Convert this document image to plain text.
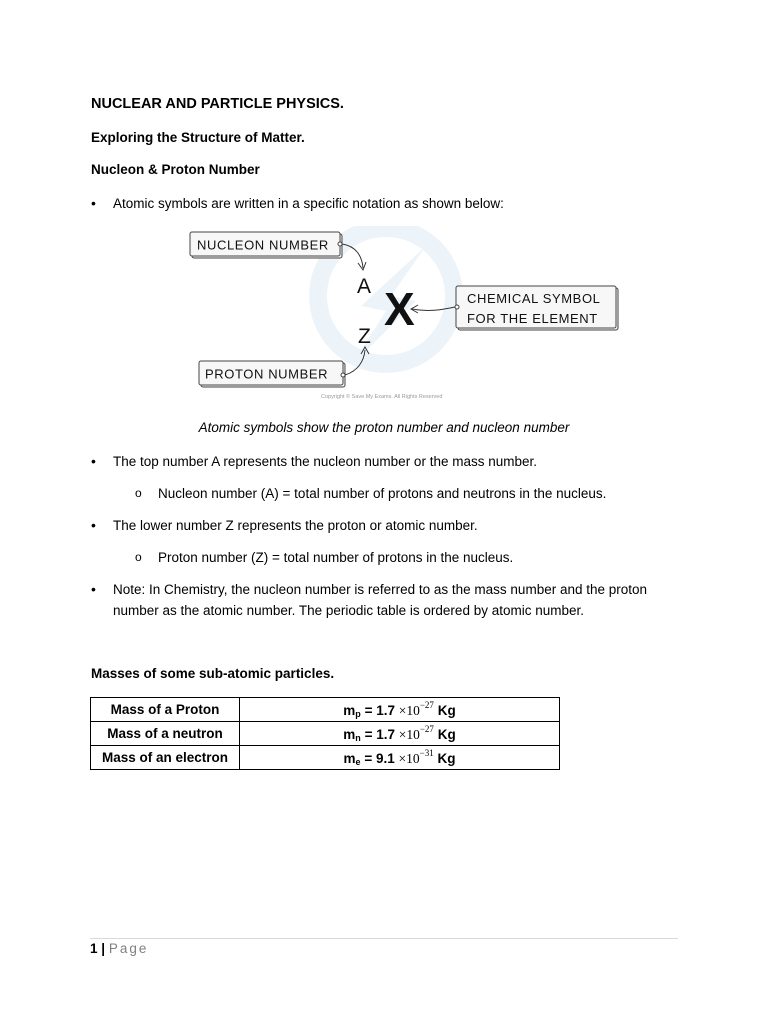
NUCLEAR AND PARTICLE PHYSICS.
Exploring the Structure of Matter.
Nucleon & Proton Number
• Atomic symbols are written in a specific notation as shown below:
NUCLEON NUMBER
A X
Z
PROTON NUMBER
CHEMICAL SYMBOL
FOR THE ELEMENT
Copyright © Save My Exams. All Rights Reserved
Atomic symbols show the proton number and nucleon number
• The top number A represents the nucleon number or the mass number.
o Nucleon number (A) = total number of protons and neutrons in the nucleus.
• The lower number Z represents the proton or atomic number.
o Proton number (Z) = total number of protons in the nucleus.
• Note: In Chemistry, the nucleon number is referred to as the mass number and the proton number as the atomic number. The periodic table is ordered by atomic number.
Masses of some sub-atomic particles.
Mass of a Proton	$m_p = 1.7 \times 10^{-27}$ Kg
Mass of a neutron	$m_n = 1.7 \times 10^{-27}$ Kg
Mass of an electron	$m_e = 9.1 \times 10^{-31}$ Kg
1 | Page
